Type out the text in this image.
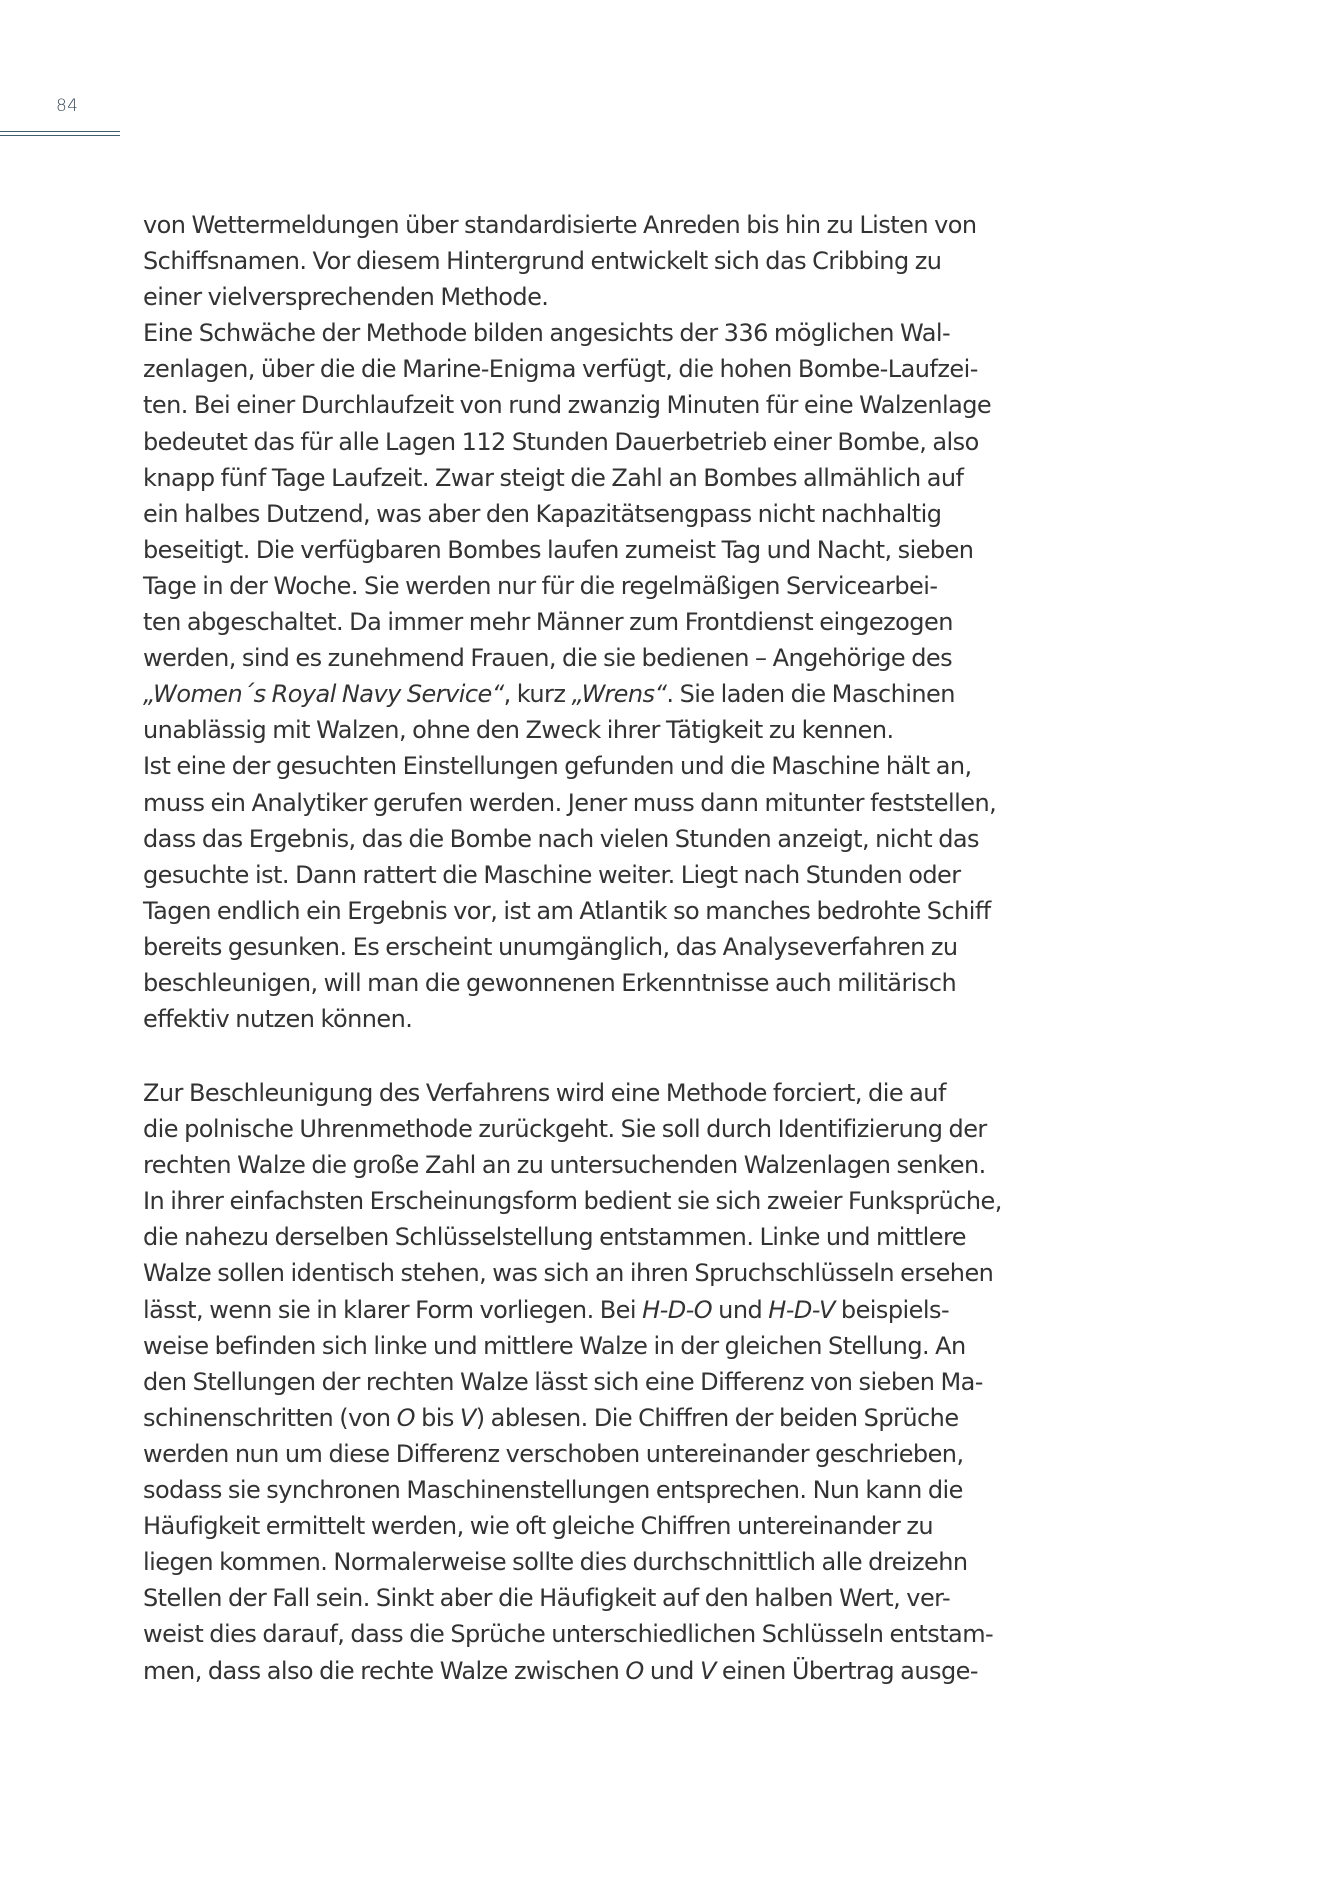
84
von Wettermeldungen über standardisierte Anreden bis hin zu Listen von
Schiffsnamen. Vor diesem Hintergrund entwickelt sich das Cribbing zu
einer vielversprechenden Methode.
Eine Schwäche der Methode bilden angesichts der 336 möglichen Wal-
zenlagen, über die die Marine-Enigma verfügt, die hohen Bombe-Laufzei-
ten. Bei einer Durchlaufzeit von rund zwanzig Minuten für eine Walzenlage
bedeutet das für alle Lagen 112 Stunden Dauerbetrieb einer Bombe, also
knapp fünf Tage Laufzeit. Zwar steigt die Zahl an Bombes allmählich auf
ein halbes Dutzend, was aber den Kapazitätsengpass nicht nachhaltig
beseitigt. Die verfügbaren Bombes laufen zumeist Tag und Nacht, sieben
Tage in der Woche. Sie werden nur für die regelmäßigen Servicearbei-
ten abgeschaltet. Da immer mehr Männer zum Frontdienst eingezogen
werden, sind es zunehmend Frauen, die sie bedienen – Angehörige des
„Women´s Royal Navy Service“, kurz „Wrens“. Sie laden die Maschinen
unablässig mit Walzen, ohne den Zweck ihrer Tätigkeit zu kennen.
Ist eine der gesuchten Einstellungen gefunden und die Maschine hält an,
muss ein Analytiker gerufen werden. Jener muss dann mitunter feststellen,
dass das Ergebnis, das die Bombe nach vielen Stunden anzeigt, nicht das
gesuchte ist. Dann rattert die Maschine weiter. Liegt nach Stunden oder
Tagen endlich ein Ergebnis vor, ist am Atlantik so manches bedrohte Schiff
bereits gesunken. Es erscheint unumgänglich, das Analyseverfahren zu
beschleunigen, will man die gewonnenen Erkenntnisse auch militärisch
effektiv nutzen können.
Zur Beschleunigung des Verfahrens wird eine Methode forciert, die auf
die polnische Uhrenmethode zurückgeht. Sie soll durch Identifizierung der
rechten Walze die große Zahl an zu untersuchenden Walzenlagen senken.
In ihrer einfachsten Erscheinungsform bedient sie sich zweier Funksprüche,
die nahezu derselben Schlüsselstellung entstammen. Linke und mittlere
Walze sollen identisch stehen, was sich an ihren Spruchschlüsseln ersehen
lässt, wenn sie in klarer Form vorliegen. Bei H-D-O und H-D-V beispiels-
weise befinden sich linke und mittlere Walze in der gleichen Stellung. An
den Stellungen der rechten Walze lässt sich eine Differenz von sieben Ma-
schinenschritten (von O bis V) ablesen. Die Chiffren der beiden Sprüche
werden nun um diese Differenz verschoben untereinander geschrieben,
sodass sie synchronen Maschinenstellungen entsprechen. Nun kann die
Häufigkeit ermittelt werden, wie oft gleiche Chiffren untereinander zu
liegen kommen. Normalerweise sollte dies durchschnittlich alle dreizehn
Stellen der Fall sein. Sinkt aber die Häufigkeit auf den halben Wert, ver-
weist dies darauf, dass die Sprüche unterschiedlichen Schlüsseln entstam-
men, dass also die rechte Walze zwischen O und V einen Übertrag ausge-
